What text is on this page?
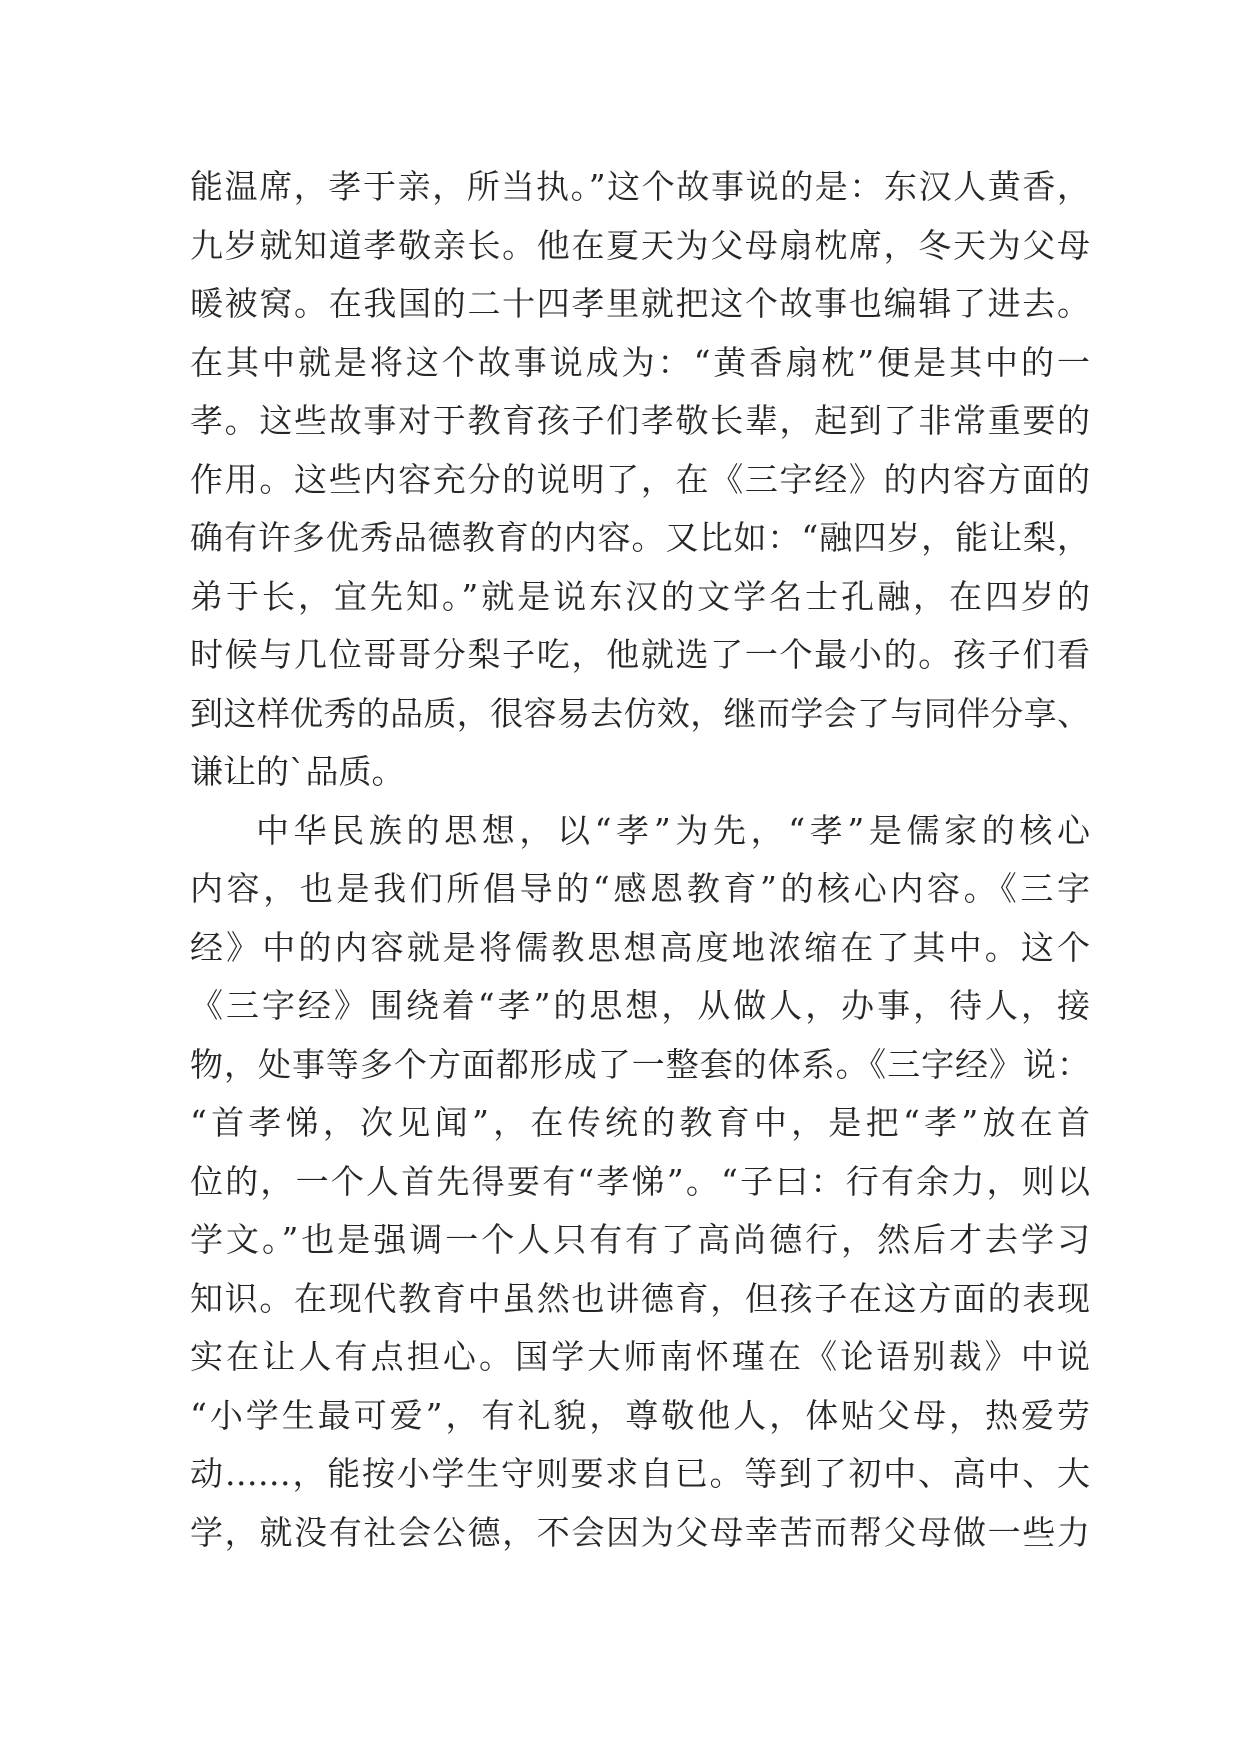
能温席，孝于亲，所当执。”这个故事说的是：东汉人黄香，
九岁就知道孝敬亲长。他在夏天为父母扇枕席，冬天为父母
暖被窝。在我国的二十四孝里就把这个故事也编辑了进去。
在其中就是将这个故事说成为：“黄香扇枕”便是其中的一
孝。这些故事对于教育孩子们孝敬长辈，起到了非常重要的
作用。这些内容充分的说明了，在《三字经》的内容方面的
确有许多优秀品德教育的内容。又比如：“融四岁，能让梨，
弟于长，宜先知。”就是说东汉的文学名士孔融，在四岁的
时候与几位哥哥分梨子吃，他就选了一个最小的。孩子们看
到这样优秀的品质，很容易去仿效，继而学会了与同伴分享、
谦让的`品质。
中华民族的思想，以“孝”为先，“孝”是儒家的核心
内容，也是我们所倡导的“感恩教育”的核心内容。《三字
经》中的内容就是将儒教思想高度地浓缩在了其中。这个
《三字经》围绕着“孝”的思想，从做人，办事，待人，接
物，处事等多个方面都形成了一整套的体系。《三字经》说：
“首孝悌，次见闻”，在传统的教育中，是把“孝”放在首
位的，一个人首先得要有“孝悌”。“子曰：行有余力，则以
学文。”也是强调一个人只有有了高尚德行，然后才去学习
知识。在现代教育中虽然也讲德育，但孩子在这方面的表现
实在让人有点担心。国学大师南怀瑾在《论语别裁》中说
“小学生最可爱”，有礼貌，尊敬他人，体贴父母，热爱劳
动……，能按小学生守则要求自已。等到了初中、高中、大
学，就没有社会公德，不会因为父母幸苦而帮父母做一些力
